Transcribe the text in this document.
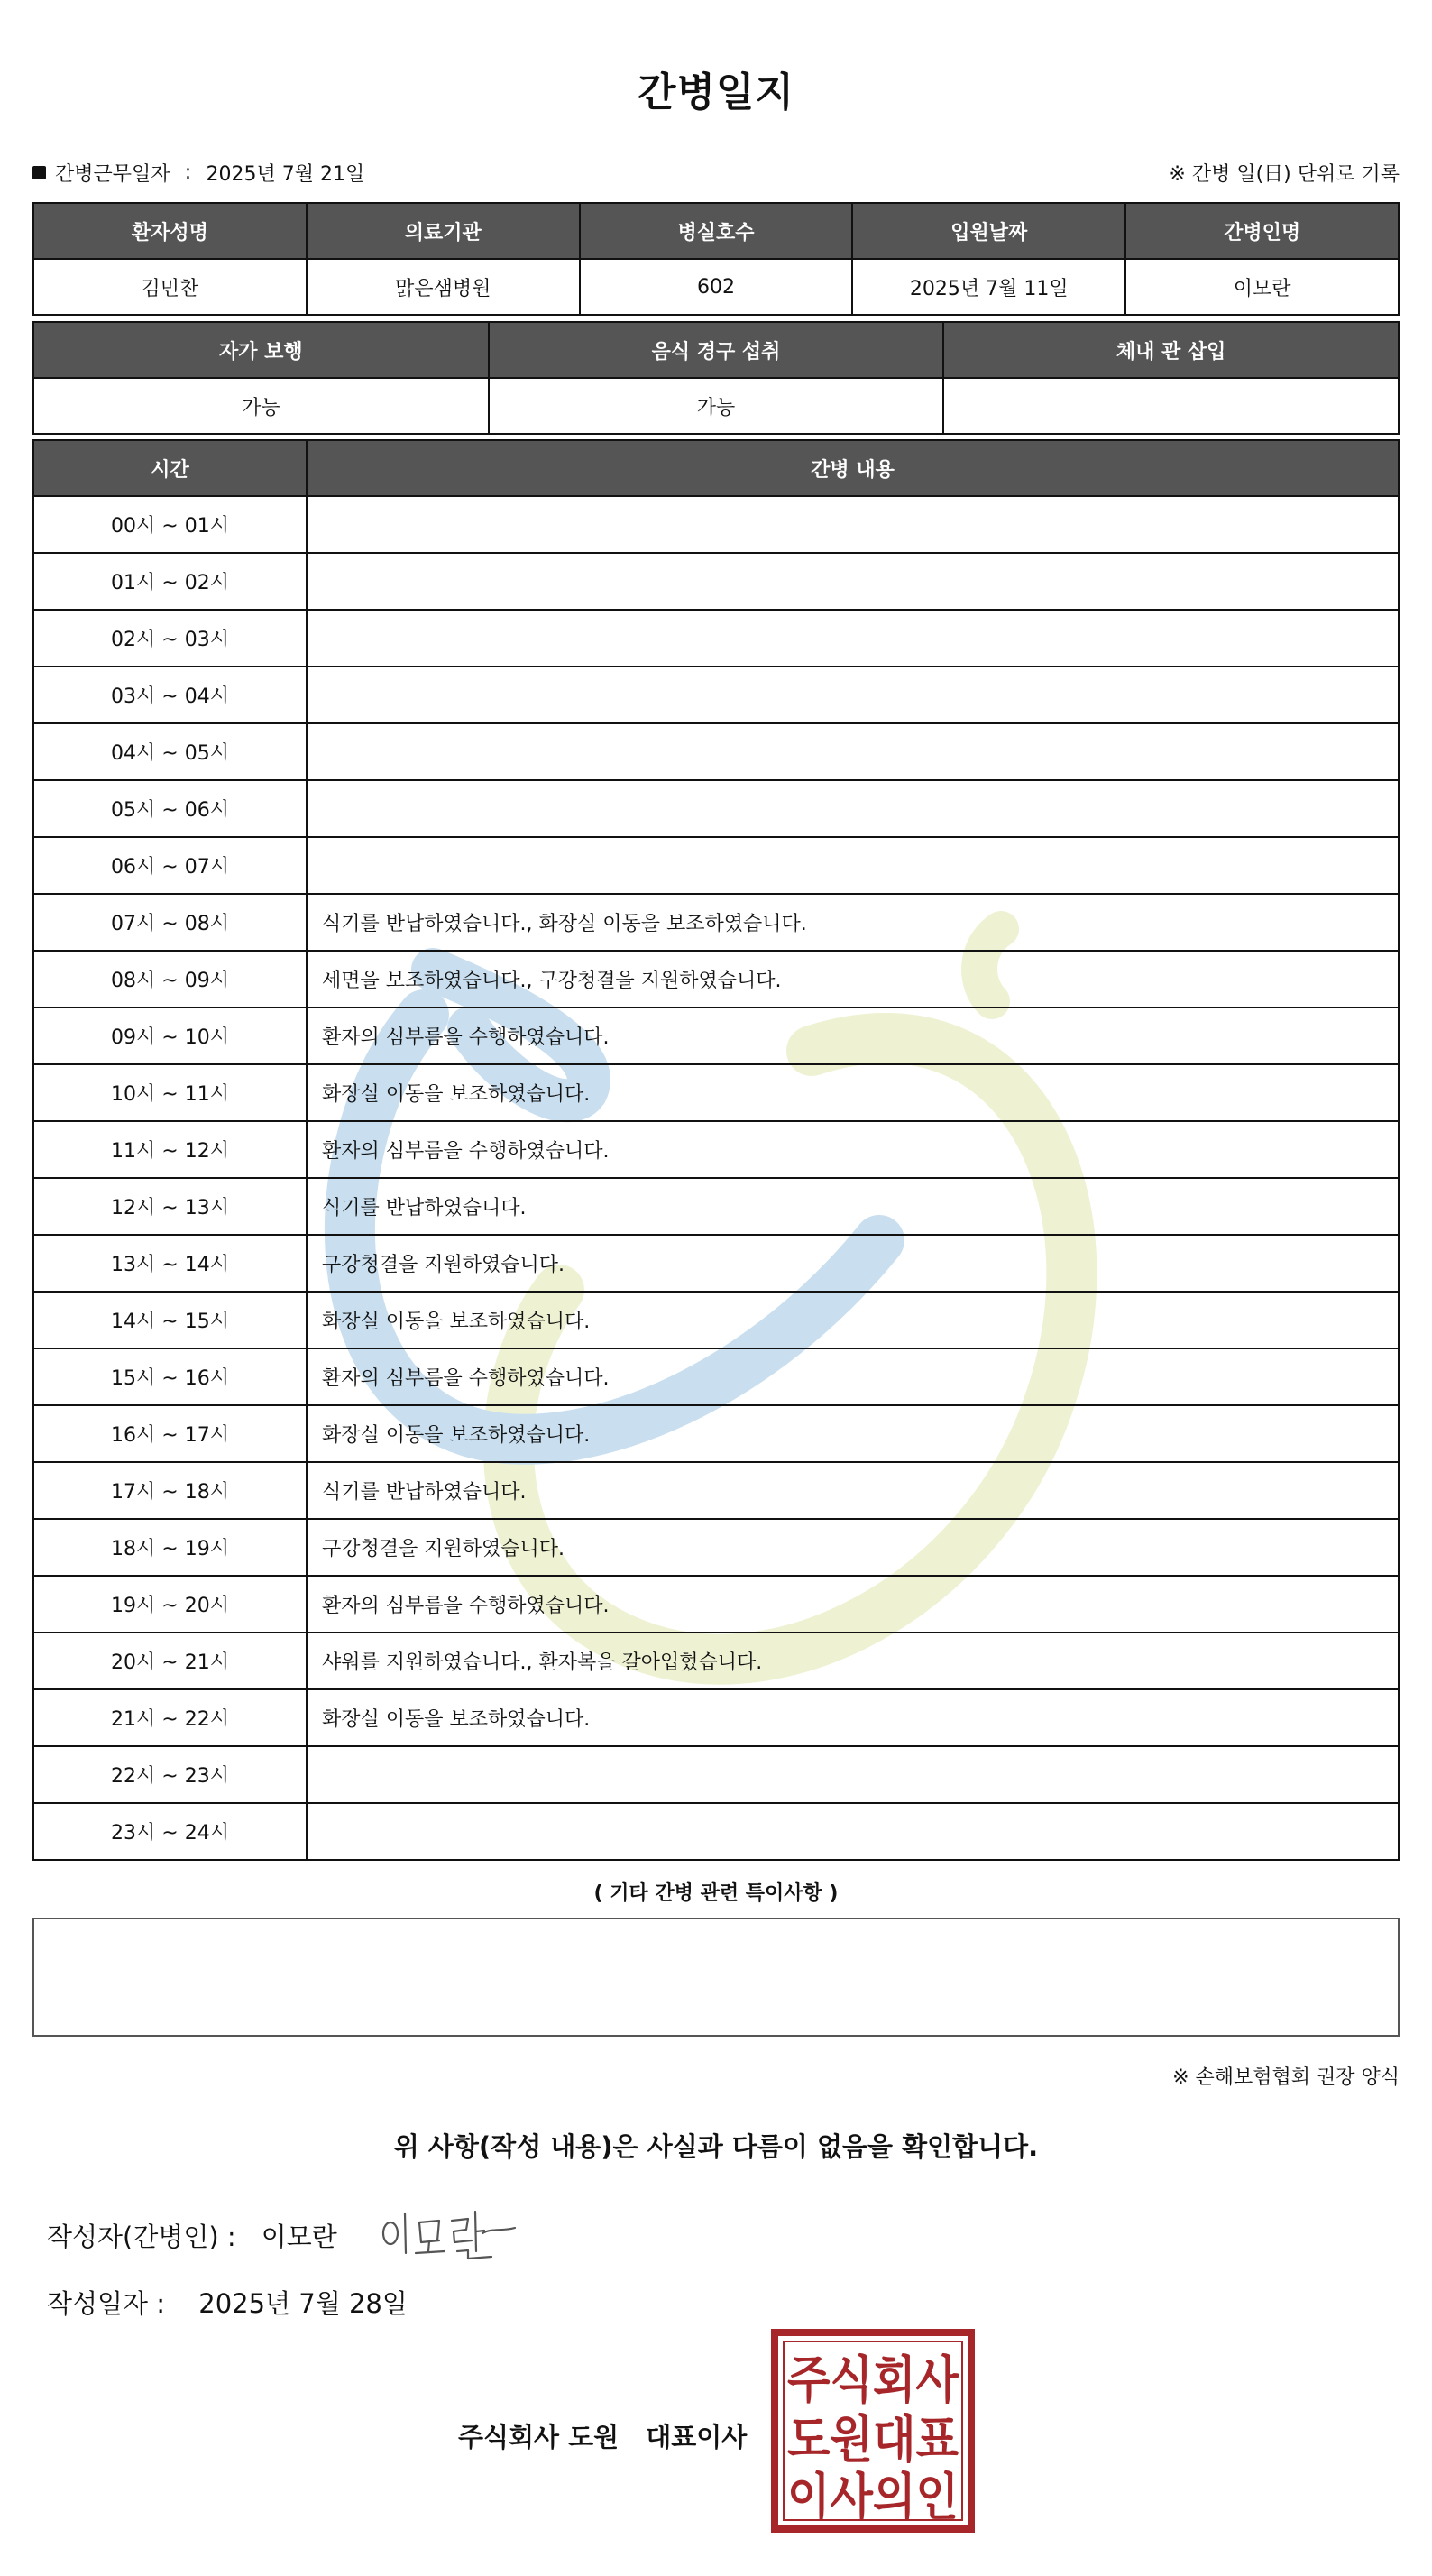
간병일지
간병근무일자 : 2025년 7월 21일	※ 간병 일(日) 단위로 기록
환자성명	의료기관	병실호수	입원날짜	간병인명
김민찬	맑은샘병원	602	2025년 7월 11일	이모란
자가 보행	음식 경구 섭취	체내 관 삽입
가능	가능	
시간	간병 내용
00시 ~ 01시	
01시 ~ 02시	
02시 ~ 03시	
03시 ~ 04시	
04시 ~ 05시	
05시 ~ 06시	
06시 ~ 07시	
07시 ~ 08시	식기를 반납하였습니다., 화장실 이동을 보조하였습니다.
08시 ~ 09시	세면을 보조하였습니다., 구강청결을 지원하였습니다.
09시 ~ 10시	환자의 심부름을 수행하였습니다.
10시 ~ 11시	화장실 이동을 보조하였습니다.
11시 ~ 12시	환자의 심부름을 수행하였습니다.
12시 ~ 13시	식기를 반납하였습니다.
13시 ~ 14시	구강청결을 지원하였습니다.
14시 ~ 15시	화장실 이동을 보조하였습니다.
15시 ~ 16시	환자의 심부름을 수행하였습니다.
16시 ~ 17시	화장실 이동을 보조하였습니다.
17시 ~ 18시	식기를 반납하였습니다.
18시 ~ 19시	구강청결을 지원하였습니다.
19시 ~ 20시	환자의 심부름을 수행하였습니다.
20시 ~ 21시	샤워를 지원하였습니다., 환자복을 갈아입혔습니다.
21시 ~ 22시	화장실 이동을 보조하였습니다.
22시 ~ 23시	
23시 ~ 24시	
( 기타 간병 관련 특이사항 )
※ 손해보험협회 권장 양식
위 사항(작성 내용)은 사실과 다름이 없음을 확인합니다.
작성자(간병인) : 이모란
작성일자 : 2025년 7월 28일
주식회사 도원 대표이사
주식회사
도원대표
이사의인
